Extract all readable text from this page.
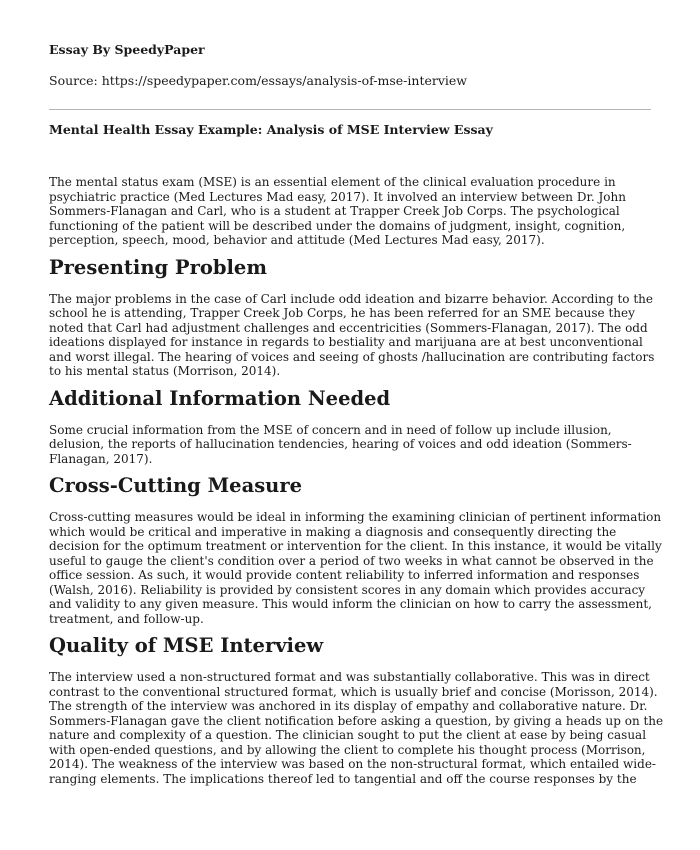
Essay By SpeedyPaper
Source: https://speedypaper.com/essays/analysis-of-mse-interview
Mental Health Essay Example: Analysis of MSE Interview Essay

The mental status exam (MSE) is an essential element of the clinical evaluation procedure in
psychiatric practice (Med Lectures Mad easy, 2017). It involved an interview between Dr. John
Sommers-Flanagan and Carl, who is a student at Trapper Creek Job Corps. The psychological
functioning of the patient will be described under the domains of judgment, insight, cognition,
perception, speech, mood, behavior and attitude (Med Lectures Mad easy, 2017).

Presenting Problem

The major problems in the case of Carl include odd ideation and bizarre behavior. According to the
school he is attending, Trapper Creek Job Corps, he has been referred for an SME because they
noted that Carl had adjustment challenges and eccentricities (Sommers-Flanagan, 2017). The odd
ideations displayed for instance in regards to bestiality and marijuana are at best unconventional
and worst illegal. The hearing of voices and seeing of ghosts /hallucination are contributing factors
to his mental status (Morrison, 2014).

Additional Information Needed

Some crucial information from the MSE of concern and in need of follow up include illusion,
delusion, the reports of hallucination tendencies, hearing of voices and odd ideation (Sommers-
Flanagan, 2017).

Cross-Cutting Measure

Cross-cutting measures would be ideal in informing the examining clinician of pertinent information
which would be critical and imperative in making a diagnosis and consequently directing the
decision for the optimum treatment or intervention for the client. In this instance, it would be vitally
useful to gauge the client's condition over a period of two weeks in what cannot be observed in the
office session. As such, it would provide content reliability to inferred information and responses
(Walsh, 2016). Reliability is provided by consistent scores in any domain which provides accuracy
and validity to any given measure. This would inform the clinician on how to carry the assessment,
treatment, and follow-up.

Quality of MSE Interview

The interview used a non-structured format and was substantially collaborative. This was in direct
contrast to the conventional structured format, which is usually brief and concise (Morisson, 2014).
The strength of the interview was anchored in its display of empathy and collaborative nature. Dr.
Sommers-Flanagan gave the client notification before asking a question, by giving a heads up on the
nature and complexity of a question. The clinician sought to put the client at ease by being casual
with open-ended questions, and by allowing the client to complete his thought process (Morrison,
2014). The weakness of the interview was based on the non-structural format, which entailed wide-
ranging elements. The implications thereof led to tangential and off the course responses by the
